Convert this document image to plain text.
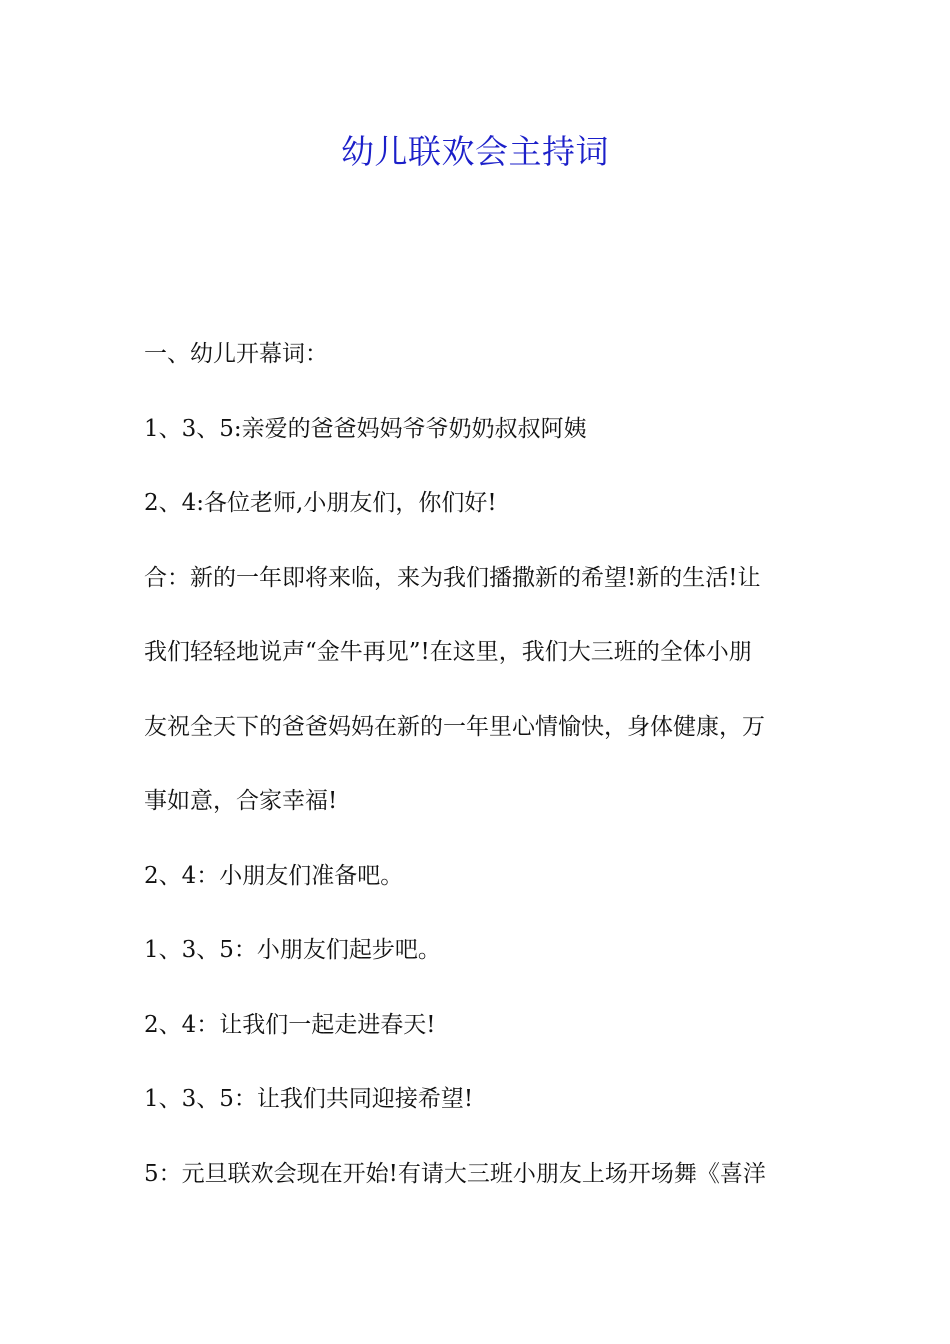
幼儿联欢会主持词

一、幼儿开幕词：

1、3、5:亲爱的爸爸妈妈爷爷奶奶叔叔阿姨

2、4:各位老师,小朋友们，你们好!

合：新的一年即将来临，来为我们播撒新的希望!新的生活!让
我们轻轻地说声“金牛再见”!在这里，我们大三班的全体小朋
友祝全天下的爸爸妈妈在新的一年里心情愉快，身体健康，万
事如意，合家幸福!

2、4：小朋友们准备吧。

1、3、5：小朋友们起步吧。

2、4：让我们一起走进春天!

1、3、5：让我们共同迎接希望!

5：元旦联欢会现在开始!有请大三班小朋友上场开场舞《喜洋
